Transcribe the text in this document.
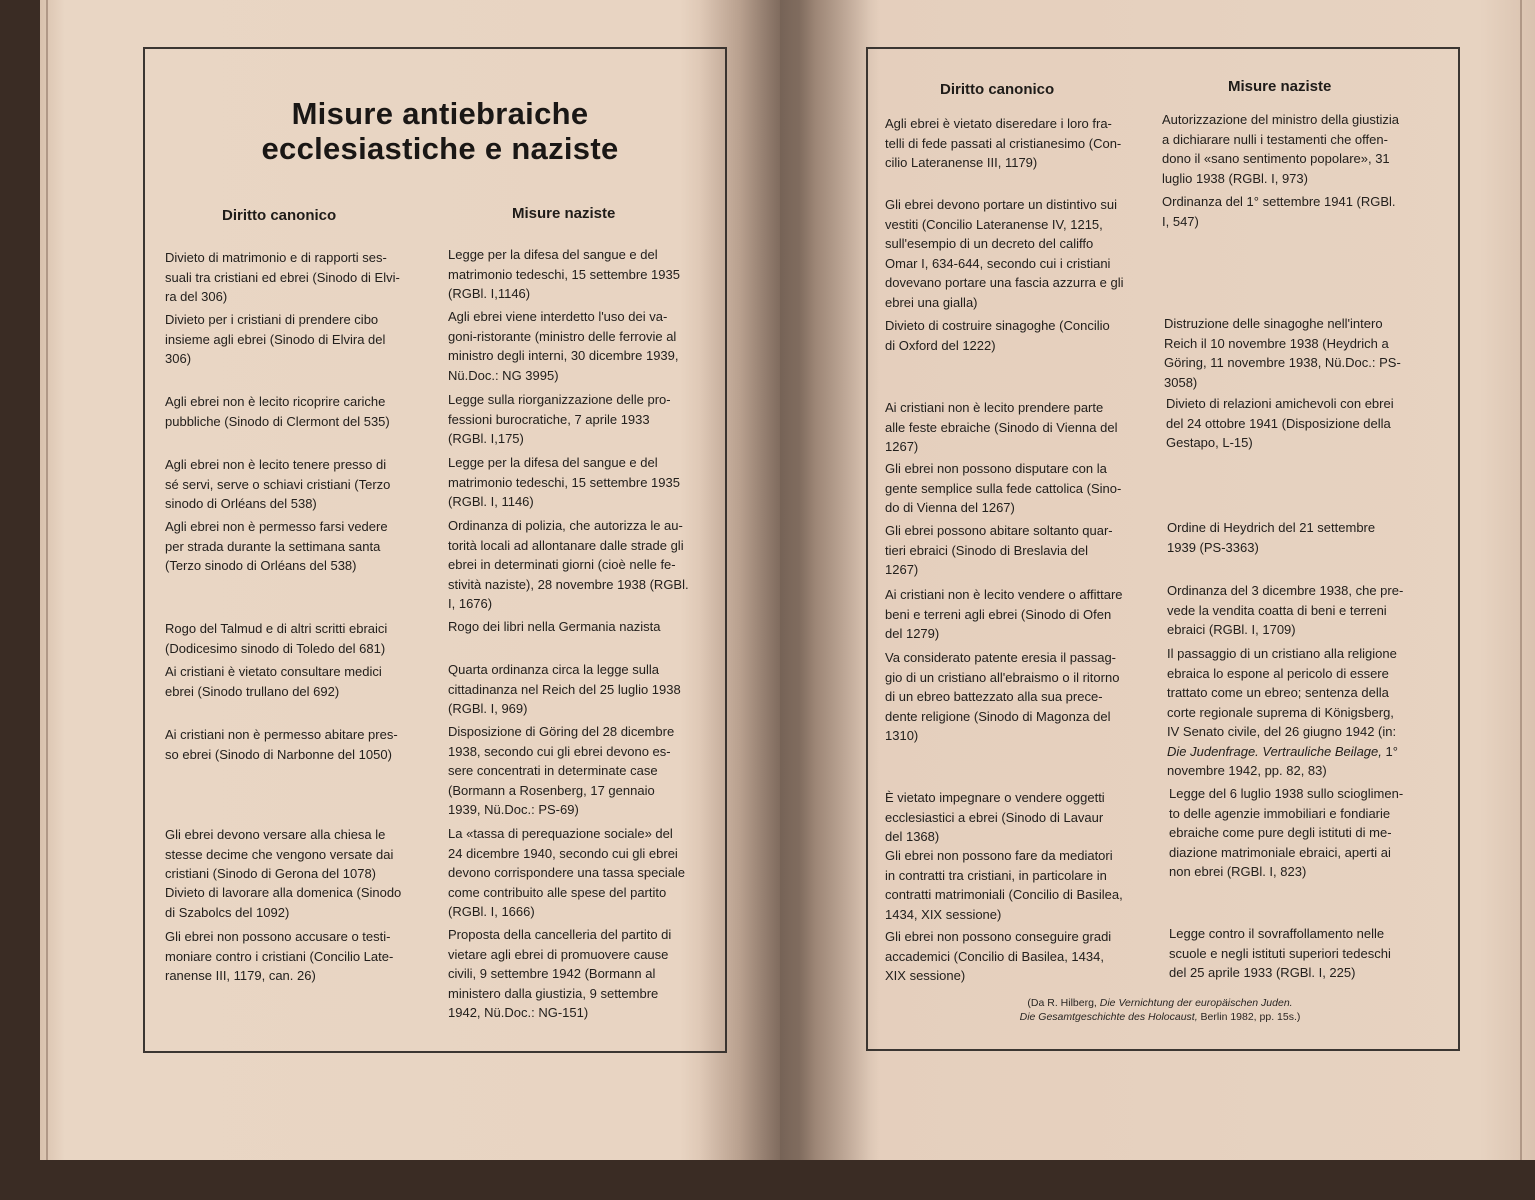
Misure antiebraiche
ecclesiastiche e naziste
Diritto canonico	Misure naziste
Diritto canonico	Misure naziste
Divieto di matrimonio e di rapporti ses-
suali tra cristiani ed ebrei (Sinodo di Elvi-
ra del 306)
Divieto per i cristiani di prendere cibo
insieme agli ebrei (Sinodo di Elvira del
306)
Agli ebrei non è lecito ricoprire cariche
pubbliche (Sinodo di Clermont del 535)
Agli ebrei non è lecito tenere presso di
sé servi, serve o schiavi cristiani (Terzo
sinodo di Orléans del 538)
Agli ebrei non è permesso farsi vedere
per strada durante la settimana santa
(Terzo sinodo di Orléans del 538)
Rogo del Talmud e di altri scritti ebraici
(Dodicesimo sinodo di Toledo del 681)
Ai cristiani è vietato consultare medici
ebrei (Sinodo trullano del 692)
Ai cristiani non è permesso abitare pres-
so ebrei (Sinodo di Narbonne del 1050)
Gli ebrei devono versare alla chiesa le
stesse decime che vengono versate dai
cristiani (Sinodo di Gerona del 1078)
Divieto di lavorare alla domenica (Sinodo
di Szabolcs del 1092)
Gli ebrei non possono accusare o testi-
moniare contro i cristiani (Concilio Late-
ranense III, 1179, can. 26)
Legge per la difesa del sangue e del
matrimonio tedeschi, 15 settembre 1935
(RGBl. I,1146)
Agli ebrei viene interdetto l'uso dei va-
goni-ristorante (ministro delle ferrovie al
ministro degli interni, 30 dicembre 1939,
Nü.Doc.: NG 3995)
Legge sulla riorganizzazione delle pro-
fessioni burocratiche, 7 aprile 1933
(RGBl. I,175)
Legge per la difesa del sangue e del
matrimonio tedeschi, 15 settembre 1935
(RGBl. I, 1146)
Ordinanza di polizia, che autorizza le au-
torità locali ad allontanare dalle strade gli
ebrei in determinati giorni (cioè nelle fe-
stività naziste), 28 novembre 1938 (RGBl.
I, 1676)
Rogo dei libri nella Germania nazista
Quarta ordinanza circa la legge sulla
cittadinanza nel Reich del 25 luglio 1938
(RGBl. I, 969)
Disposizione di Göring del 28 dicembre
1938, secondo cui gli ebrei devono es-
sere concentrati in determinate case
(Bormann a Rosenberg, 17 gennaio
1939, Nü.Doc.: PS-69)
La «tassa di perequazione sociale» del
24 dicembre 1940, secondo cui gli ebrei
devono corrispondere una tassa speciale
come contribuito alle spese del partito
(RGBl. I, 1666)
Proposta della cancelleria del partito di
vietare agli ebrei di promuovere cause
civili, 9 settembre 1942 (Bormann al
ministero dalla giustizia, 9 settembre
1942, Nü.Doc.: NG-151)
Agli ebrei è vietato diseredare i loro fra-
telli di fede passati al cristianesimo (Con-
cilio Lateranense III, 1179)
Gli ebrei devono portare un distintivo sui
vestiti (Concilio Lateranense IV, 1215,
sull'esempio di un decreto del califfo
Omar I, 634-644, secondo cui i cristiani
dovevano portare una fascia azzurra e gli
ebrei una gialla)
Divieto di costruire sinagoghe (Concilio
di Oxford del 1222)
Ai cristiani non è lecito prendere parte
alle feste ebraiche (Sinodo di Vienna del
1267)
Gli ebrei non possono disputare con la
gente semplice sulla fede cattolica (Sino-
do di Vienna del 1267)
Gli ebrei possono abitare soltanto quar-
tieri ebraici (Sinodo di Breslavia del
1267)
Ai cristiani non è lecito vendere o affittare
beni e terreni agli ebrei (Sinodo di Ofen
del 1279)
Va considerato patente eresia il passag-
gio di un cristiano all'ebraismo o il ritorno
di un ebreo battezzato alla sua prece-
dente religione (Sinodo di Magonza del
1310)
È vietato impegnare o vendere oggetti
ecclesiastici a ebrei (Sinodo di Lavaur
del 1368)
Gli ebrei non possono fare da mediatori
in contratti tra cristiani, in particolare in
contratti matrimoniali (Concilio di Basilea,
1434, XIX sessione)
Gli ebrei non possono conseguire gradi
accademici (Concilio di Basilea, 1434,
XIX sessione)
Autorizzazione del ministro della giustizia
a dichiarare nulli i testamenti che offen-
dono il «sano sentimento popolare», 31
luglio 1938 (RGBl. I, 973)
Ordinanza del 1° settembre 1941 (RGBl.
I, 547)
Distruzione delle sinagoghe nell'intero
Reich il 10 novembre 1938 (Heydrich a
Göring, 11 novembre 1938, Nü.Doc.: PS-
3058)
Divieto di relazioni amichevoli con ebrei
del 24 ottobre 1941 (Disposizione della
Gestapo, L-15)
Ordine di Heydrich del 21 settembre
1939 (PS-3363)
Ordinanza del 3 dicembre 1938, che pre-
vede la vendita coatta di beni e terreni
ebraici (RGBl. I, 1709)
Il passaggio di un cristiano alla religione
ebraica lo espone al pericolo di essere
trattato come un ebreo; sentenza della
corte regionale suprema di Königsberg,
IV Senato civile, del 26 giugno 1942 (in:
Die Judenfrage. Vertrauliche Beilage, 1°
novembre 1942, pp. 82, 83)
Legge del 6 luglio 1938 sullo scioglimen-
to delle agenzie immobiliari e fondiarie
ebraiche come pure degli istituti di me-
diazione matrimoniale ebraici, aperti ai
non ebrei (RGBl. I, 823)
Legge contro il sovraffollamento nelle
scuole e negli istituti superiori tedeschi
del 25 aprile 1933 (RGBl. I, 225)
(Da R. Hilberg, Die Vernichtung der europäischen Juden.
Die Gesamtgeschichte des Holocaust, Berlin 1982, pp. 15s.)
